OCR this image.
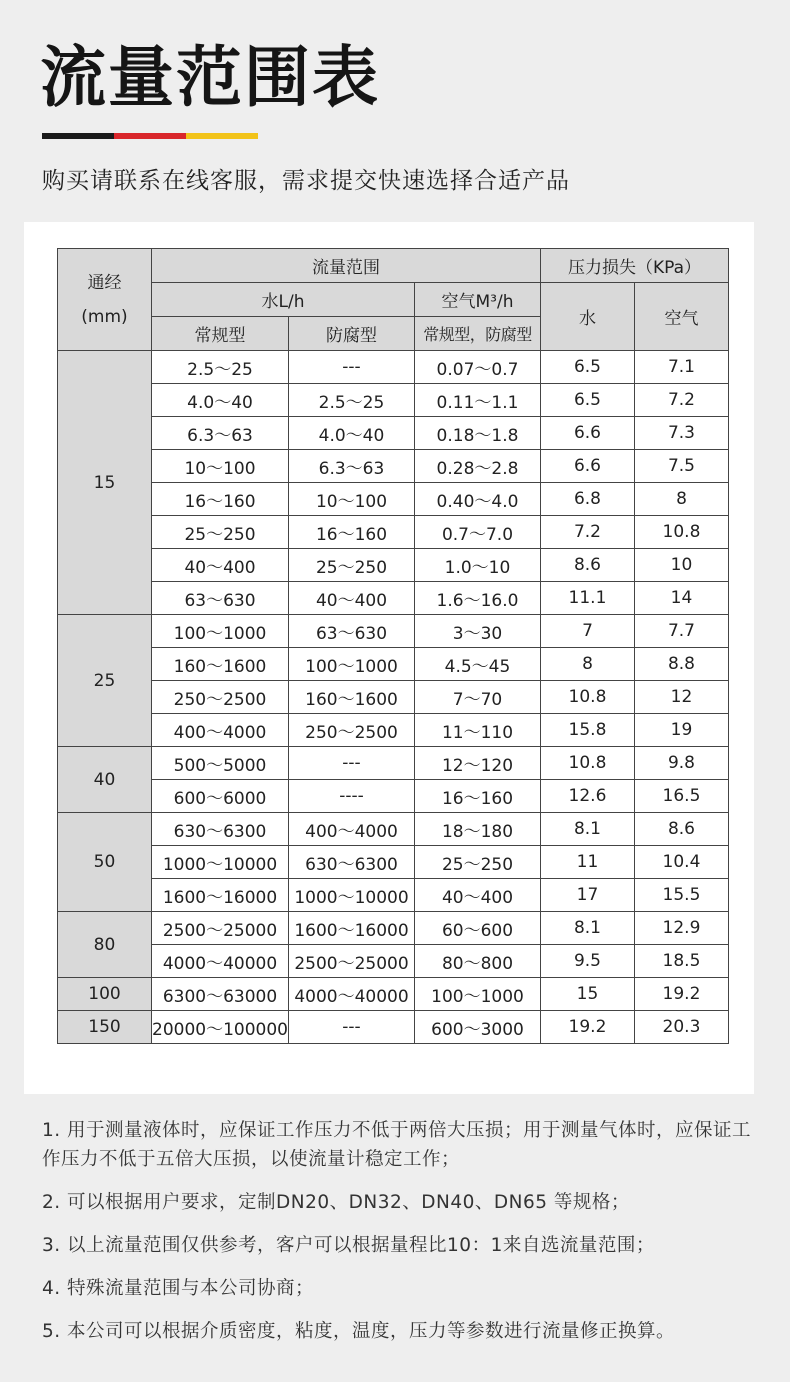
流量范围表
购买请联系在线客服，需求提交快速选择合适产品
通经
(mm)	流量范围			压力损失（KPa）	
	水L/h		空气M³/h	水	空气
	常规型	防腐型	常规型，防腐型		
15	2.5～25	---	0.07～0.7	6.5	7.1
	4.0～40	2.5～25	0.11～1.1	6.5	7.2
	6.3～63	4.0～40	0.18～1.8	6.6	7.3
	10～100	6.3～63	0.28～2.8	6.6	7.5
	16～160	10～100	0.40～4.0	6.8	8
	25～250	16～160	0.7～7.0	7.2	10.8
	40～400	25～250	1.0～10	8.6	10
	63～630	40～400	1.6～16.0	11.1	14
25	100～1000	63～630	3～30	7	7.7
	160～1600	100～1000	4.5～45	8	8.8
	250～2500	160～1600	7～70	10.8	12
	400～4000	250～2500	11～110	15.8	19
40	500～5000	---	12～120	10.8	9.8
	600～6000	----	16～160	12.6	16.5
50	630～6300	400～4000	18～180	8.1	8.6
	1000～10000	630～6300	25～250	11	10.4
	1600～16000	1000～10000	40～400	17	15.5
80	2500～25000	1600～16000	60～600	8.1	12.9
	4000～40000	2500～25000	80～800	9.5	18.5
100	6300～63000	4000～40000	100～1000	15	19.2
150	20000～100000	---	600～3000	19.2	20.3

1. 用于测量液体时，应保证工作压力不低于两倍大压损；用于测量气体时，应保证工作压力不低于五倍大压损，以使流量计稳定工作；

2. 可以根据用户要求，定制DN20、DN32、DN40、DN65 等规格；

3. 以上流量范围仅供参考，客户可以根据量程比10：1来自选流量范围；

4. 特殊流量范围与本公司协商；

5. 本公司可以根据介质密度，粘度，温度，压力等参数进行流量修正换算。
